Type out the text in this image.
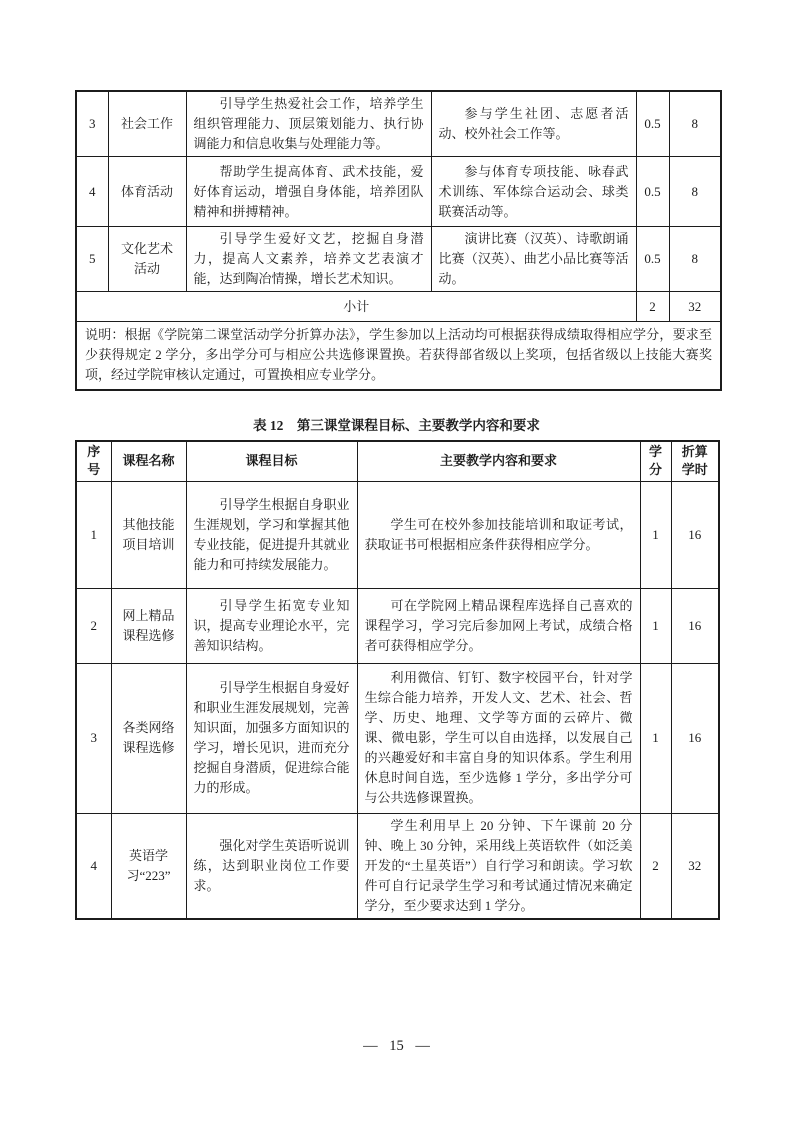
3	社会工作	引导学生热爱社会工作，培养学生组织管理能力、顶层策划能力、执行协调能力和信息收集与处理能力等。	参与学生社团、志愿者活动、校外社会工作等。	0.5	8
4	体育活动	帮助学生提高体育、武术技能，爱好体育运动，增强自身体能，培养团队精神和拼搏精神。	参与体育专项技能、咏春武术训练、军体综合运动会、球类联赛活动等。	0.5	8
5	文化艺术活动	引导学生爱好文艺，挖掘自身潜力，提高人文素养，培养文艺表演才能，达到陶冶情操，增长艺术知识。	演讲比赛（汉英）、诗歌朗诵比赛（汉英）、曲艺小品比赛等活动。	0.5	8
小计				2	32
说明：根据《学院第二课堂活动学分折算办法》，学生参加以上活动均可根据获得成绩取得相应学分，要求至少获得规定 2 学分，多出学分可与相应公共选修课置换。若获得部省级以上奖项，包括省级以上技能大赛奖项，经过学院审核认定通过，可置换相应专业学分。					
表 12　第三课堂课程目标、主要教学内容和要求
序号	课程名称	课程目标	主要教学内容和要求	学分	折算学时
1	其他技能项目培训	引导学生根据自身职业生涯规划，学习和掌握其他专业技能，促进提升其就业能力和可持续发展能力。	学生可在校外参加技能培训和取证考试，获取证书可根据相应条件获得相应学分。	1	16
2	网上精品课程选修	引导学生拓宽专业知识，提高专业理论水平，完善知识结构。	可在学院网上精品课程库选择自己喜欢的课程学习，学习完后参加网上考试，成绩合格者可获得相应学分。	1	16
3	各类网络课程选修	引导学生根据自身爱好和职业生涯发展规划，完善知识面，加强多方面知识的学习，增长见识，进而充分挖掘自身潜质，促进综合能力的形成。	利用微信、钉钉、数字校园平台，针对学生综合能力培养，开发人文、艺术、社会、哲学、历史、地理、文学等方面的云碎片、微课、微电影，学生可以自由选择，以发展自己的兴趣爱好和丰富自身的知识体系。学生利用休息时间自选，至少选修 1 学分，多出学分可与公共选修课置换。	1	16
4	英语学习“223”	强化对学生英语听说训练，达到职业岗位工作要求。	学生利用早上 20 分钟、下午课前 20 分钟、晚上 30 分钟，采用线上英语软件（如泛美开发的“土星英语”）自行学习和朗读。学习软件可自行记录学生学习和考试通过情况来确定学分，至少要求达到 1 学分。	2	32
— 15 —
